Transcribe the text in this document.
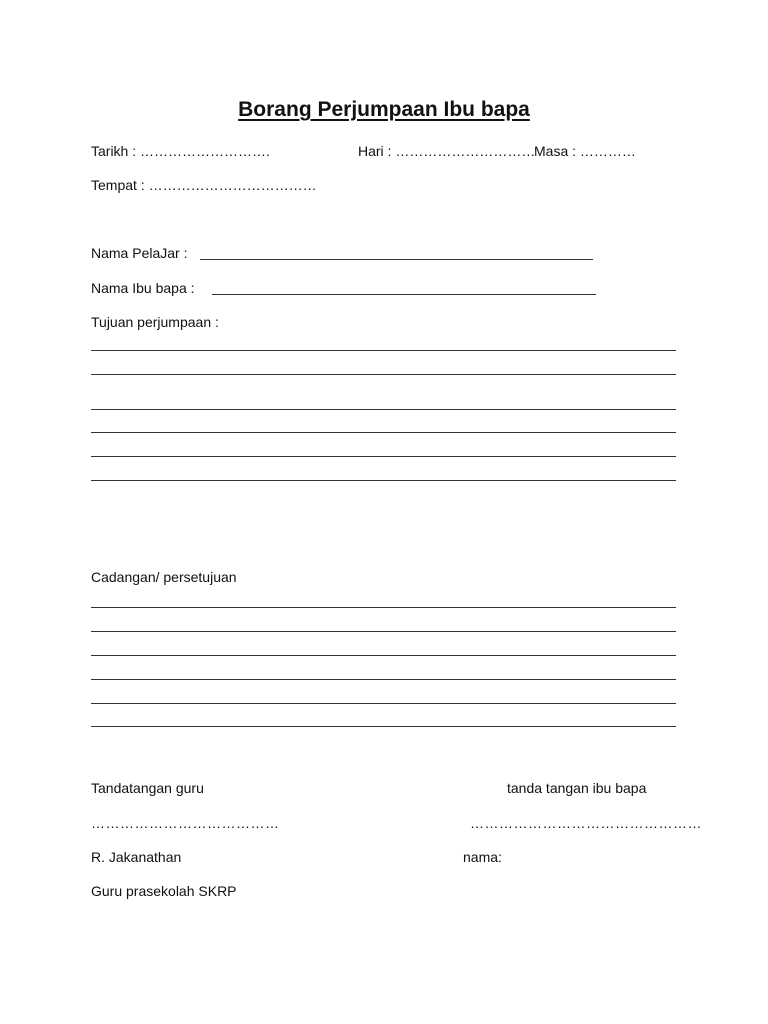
Borang Perjumpaan Ibu bapa
Tarikh : ……………………….	Hari : …………………………
Masa : …………
Tempat : ………………………………
Nama PelaJar :
Nama Ibu bapa :
Tujuan perjumpaan :
Cadangan/ persetujuan
Tandatangan guru	tanda tangan ibu bapa
…………………………………	…………………………………………
R. Jakanathan	nama:
Guru prasekolah SKRP
